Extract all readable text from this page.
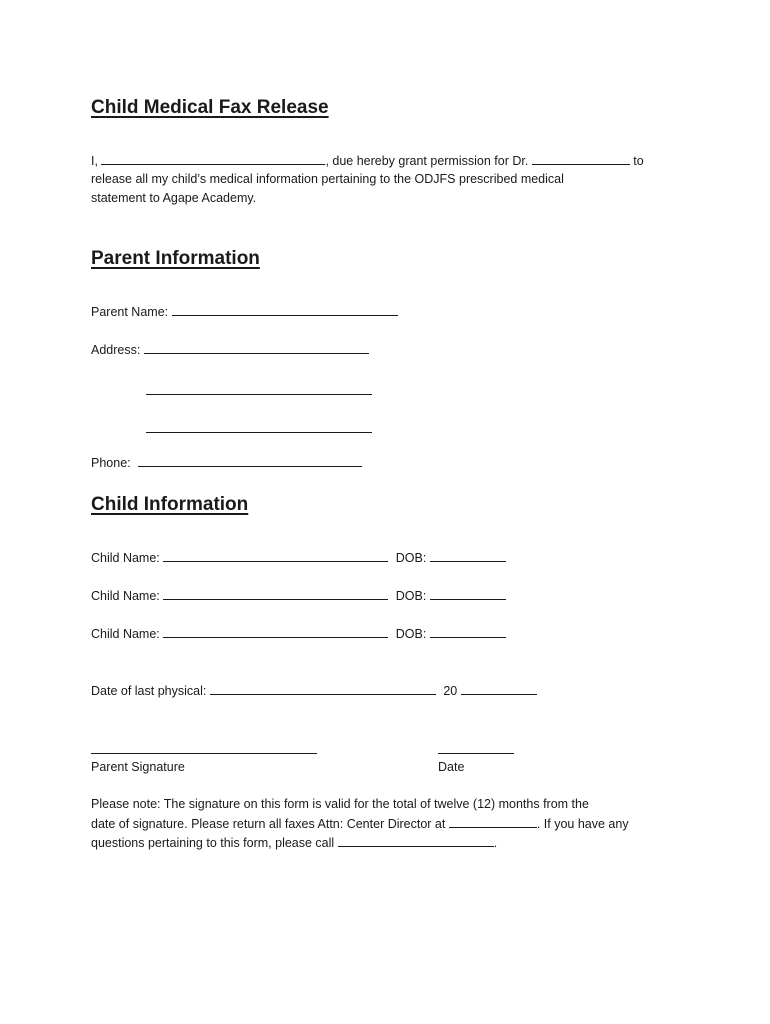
Child Medical Fax Release
I,	, due hereby grant permission for Dr.	to
release all my child’s medical information pertaining to the ODJFS prescribed medical
statement to Agape Academy.
Parent Information
Parent Name:
Address:
Phone:
Child Information
Child Name:	DOB:
Child Name:	DOB:
Child Name:	DOB:
Date of last physical:	20
Parent Signature	Date
Please note: The signature on this form is valid for the total of twelve (12) months from the
date of signature. Please return all faxes Attn: Center Director at	. If you have any
questions pertaining to this form, please call	.
